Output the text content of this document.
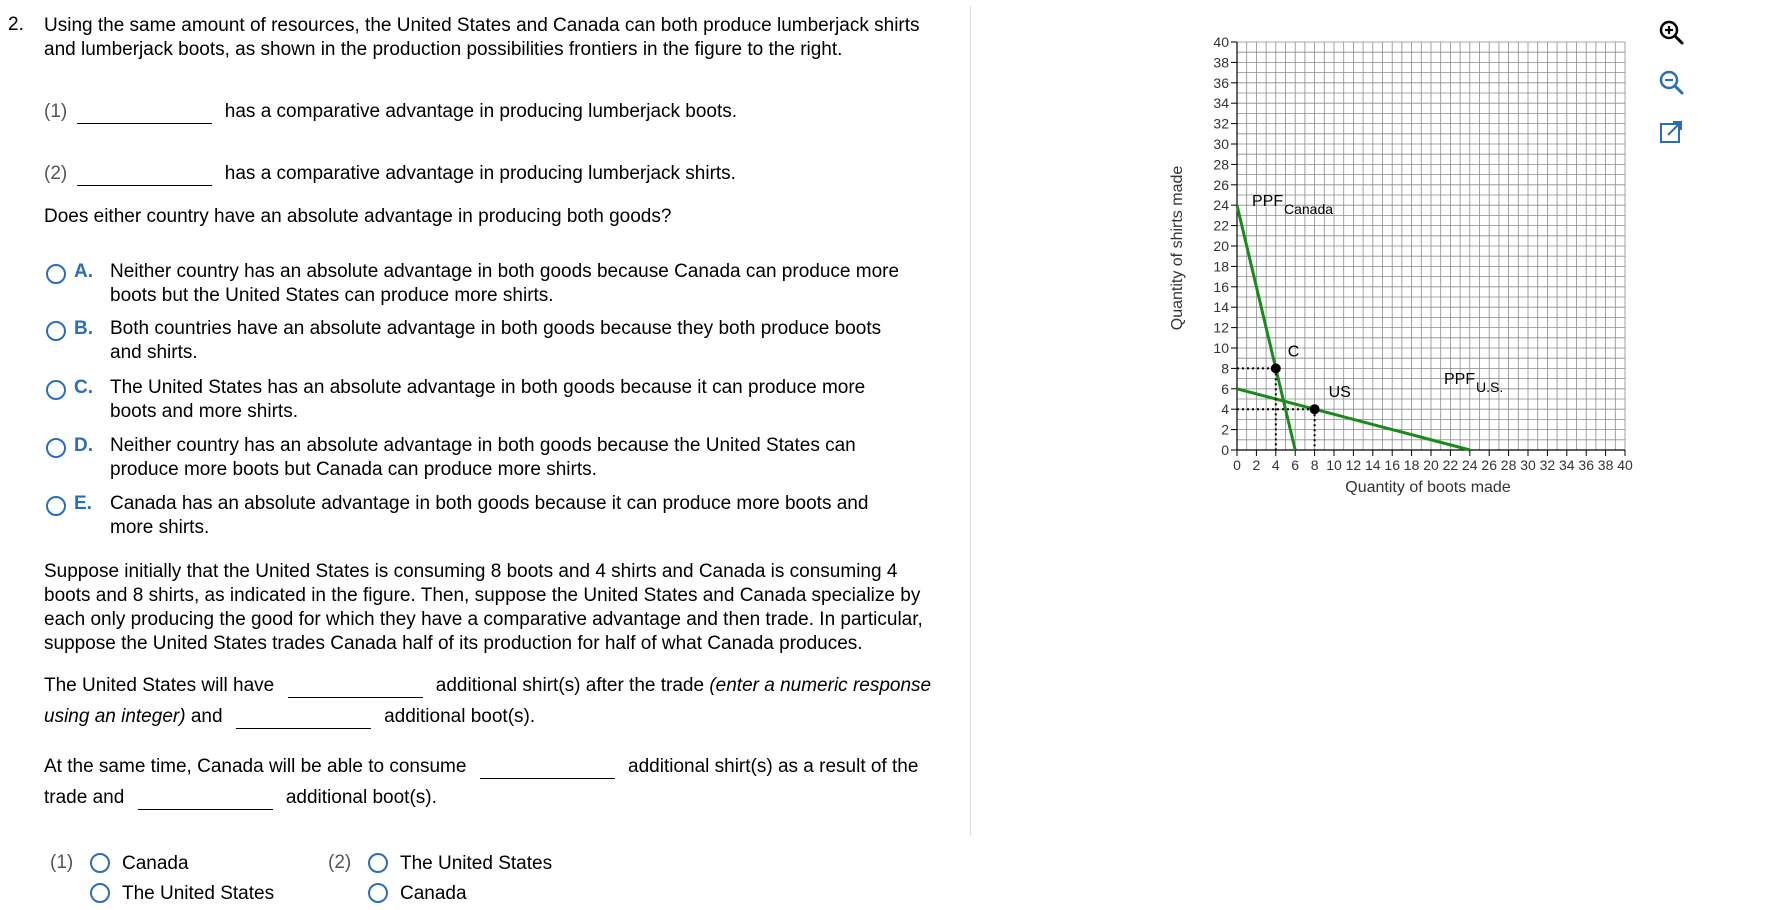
2. Using the same amount of resources, the United States and Canada can both produce lumberjack shirts
and lumberjack boots, as shown in the production possibilities frontiers in the figure to the right.
(1)	has a comparative advantage in producing lumberjack boots.
(2)	has a comparative advantage in producing lumberjack shirts.
Does either country have an absolute advantage in producing both goods?
A. Neither country has an absolute advantage in both goods because Canada can produce more
boots but the United States can produce more shirts.
B. Both countries have an absolute advantage in both goods because they both produce boots
and shirts.
C. The United States has an absolute advantage in both goods because it can produce more
boots and more shirts.
D. Neither country has an absolute advantage in both goods because the United States can
produce more boots but Canada can produce more shirts.
E. Canada has an absolute advantage in both goods because it can produce more boots and
more shirts.
Suppose initially that the United States is consuming 8 boots and 4 shirts and Canada is consuming 4
boots and 8 shirts, as indicated in the figure. Then, suppose the United States and Canada specialize by
each only producing the good for which they have a comparative advantage and then trade. In particular,
suppose the United States trades Canada half of its production for half of what Canada produces.
The United States will have	additional shirt(s) after the trade (enter a numeric response
using an integer) and	additional boot(s).
At the same time, Canada will be able to consume	additional shirt(s) as a result of the
trade and	additional boot(s).
(1)	Canada
The United States
(2)	The United States
Canada
0
2
4
6
8
10
12
14
16
18
20
22
24
26
28
30
32
34
36
38
40
0 2 4 6 8 10 12 14 16 18 20 22 24 26 28 30 32 34 36 38 40
C
US
Quantity of shirts made
Quantity of boots made
PPF Canada
PPF U.S.
